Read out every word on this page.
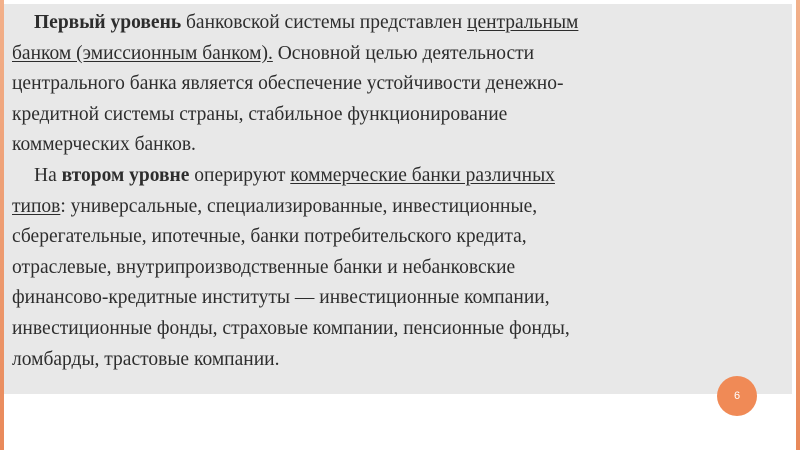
Первый уровень банковской системы представлен центральным
банком (эмиссионным банком). Основной целью деятельности
центрального банка является обеспечение устойчивости денежно-
кредитной системы страны, стабильное функционирование
коммерческих банков.
На втором уровне оперируют коммерческие банки различных
типов: универсальные, специализированные, инвестиционные,
сберегательные, ипотечные, банки потребительского кредита,
отраслевые, внутрипроизводственные банки и небанковские
финансово-кредитные институты — инвестиционные компании,
инвестиционные фонды, страховые компании, пенсионные фонды,
ломбарды, трастовые компании.
6
